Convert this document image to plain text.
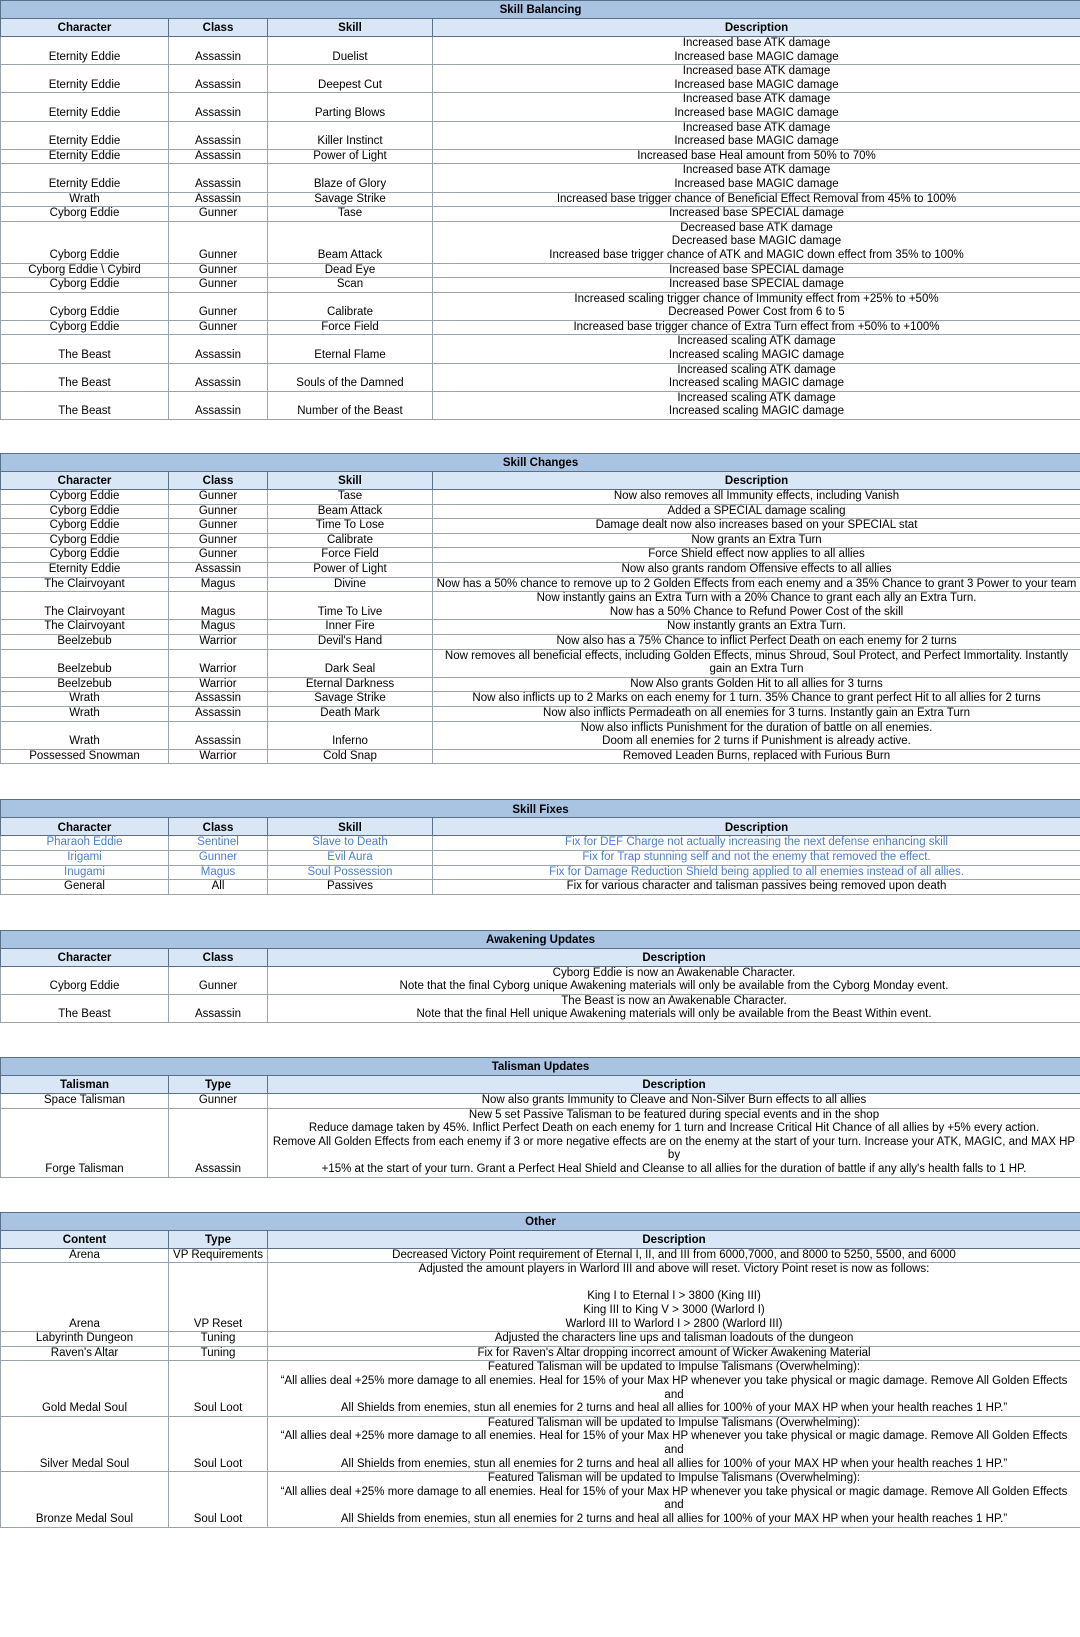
Skill Balancing			
Character	Class	Skill	Description
Eternity Eddie	Assassin	Duelist	Increased base ATK damage
Increased base MAGIC damage

Eternity Eddie	Assassin	Deepest Cut	Increased base ATK damage
Increased base MAGIC damage

Eternity Eddie	Assassin	Parting Blows	Increased base ATK damage
Increased base MAGIC damage

Eternity Eddie	Assassin	Killer Instinct	Increased base ATK damage
Increased base MAGIC damage

Eternity Eddie	Assassin	Power of Light	Increased base Heal amount from 50% to 70%

Eternity Eddie	Assassin	Blaze of Glory	Increased base ATK damage
Increased base MAGIC damage

Wrath	Assassin	Savage Strike	Increased base trigger chance of Beneficial Effect Removal from 45% to 100%

Cyborg Eddie	Gunner	Tase	Increased base SPECIAL damage

Cyborg Eddie	Gunner	Beam Attack	Decreased base ATK damage
Decreased base MAGIC damage
Increased base trigger chance of ATK and MAGIC down effect from 35% to 100%

Cyborg Eddie \ Cybird	Gunner	Dead Eye	Increased base SPECIAL damage

Cyborg Eddie	Gunner	Scan	Increased base SPECIAL damage

Cyborg Eddie	Gunner	Calibrate	Increased scaling trigger chance of Immunity effect from +25% to +50%
Decreased Power Cost from 6 to 5

Cyborg Eddie	Gunner	Force Field	Increased base trigger chance of Extra Turn effect from +50% to +100%

The Beast	Assassin	Eternal Flame	Increased scaling ATK damage
Increased scaling MAGIC damage

The Beast	Assassin	Souls of the Damned	Increased scaling ATK damage
Increased scaling MAGIC damage

The Beast	Assassin	Number of the Beast	Increased scaling ATK damage
Increased scaling MAGIC damage
Skill Changes			
Character	Class	Skill	Description
Cyborg Eddie	Gunner	Tase	Now also removes all Immunity effects, including Vanish

Cyborg Eddie	Gunner	Beam Attack	Added a SPECIAL damage scaling

Cyborg Eddie	Gunner	Time To Lose	Damage dealt now also increases based on your SPECIAL stat

Cyborg Eddie	Gunner	Calibrate	Now grants an Extra Turn

Cyborg Eddie	Gunner	Force Field	Force Shield effect now applies to all allies

Eternity Eddie	Assassin	Power of Light	Now also grants random Offensive effects to all allies

The Clairvoyant	Magus	Divine	Now has a 50% chance to remove up to 2 Golden Effects from each enemy and a 35% Chance to grant 3 Power to your team

The Clairvoyant	Magus	Time To Live	Now instantly gains an Extra Turn with a 20% Chance to grant each ally an Extra Turn.
Now has a 50% Chance to Refund Power Cost of the skill

The Clairvoyant	Magus	Inner Fire	Now instantly grants an Extra Turn.

Beelzebub	Warrior	Devil's Hand	Now also has a 75% Chance to inflict Perfect Death on each enemy for 2 turns

Beelzebub	Warrior	Dark Seal	Now removes all beneficial effects, including Golden Effects, minus Shroud, Soul Protect, and Perfect Immortality. Instantly
gain an Extra Turn

Beelzebub	Warrior	Eternal Darkness	Now Also grants Golden Hit to all allies for 3 turns

Wrath	Assassin	Savage Strike	Now also inflicts up to 2 Marks on each enemy for 1 turn. 35% Chance to grant perfect Hit to all allies for 2 turns

Wrath	Assassin	Death Mark	Now also inflicts Permadeath on all enemies for 3 turns. Instantly gain an Extra Turn

Wrath	Assassin	Inferno	Now also inflicts Punishment for the duration of battle on all enemies.
Doom all enemies for 2 turns if Punishment is already active.

Possessed Snowman	Warrior	Cold Snap	Removed Leaden Burns, replaced with Furious Burn
Skill Fixes			
Character	Class	Skill	Description
Pharaoh Eddie	Sentinel	Slave to Death	Fix for DEF Charge not actually increasing the next defense enhancing skill

Irigami	Gunner	Evil Aura	Fix for Trap stunning self and not the enemy that removed the effect.

Inugami	Magus	Soul Possession	Fix for Damage Reduction Shield being applied to all enemies instead of all allies.

General	All	Passives	Fix for various character and talisman passives being removed upon death
Awakening Updates		
Character	Class	Description
Cyborg Eddie	Gunner	Cyborg Eddie is now an Awakenable Character.
Note that the final Cyborg unique Awakening materials will only be available from the Cyborg Monday event.

The Beast	Assassin	The Beast is now an Awakenable Character.
Note that the final Hell unique Awakening materials will only be available from the Beast Within event.
Talisman Updates		
Talisman	Type	Description
Space Talisman	Gunner	Now also grants Immunity to Cleave and Non-Silver Burn effects to all allies

Forge Talisman	Assassin	New 5 set Passive Talisman to be featured during special events and in the shop
Reduce damage taken by 45%. Inflict Perfect Death on each enemy for 1 turn and Increase Critical Hit Chance of all allies by +5% every action.
Remove All Golden Effects from each enemy if 3 or more negative effects are on the enemy at the start of your turn. Increase your ATK, MAGIC, and MAX HP by
+15% at the start of your turn. Grant a Perfect Heal Shield and Cleanse to all allies for the duration of battle if any ally's health falls to 1 HP.
Other		
Content	Type	Description
Arena	VP Requirements	Decreased Victory Point requirement of Eternal I, II, and III from 6000,7000, and 8000 to 5250, 5500, and 6000

Arena	VP Reset	Adjusted the amount players in Warlord III and above will reset. Victory Point reset is now as follows:

King I to Eternal I > 3800 (King III)
King III to King V > 3000 (Warlord I)
Warlord III to Warlord I > 2800 (Warlord III)

Labyrinth Dungeon	Tuning	Adjusted the characters line ups and talisman loadouts of the dungeon

Raven's Altar	Tuning	Fix for Raven's Altar dropping incorrect amount of Wicker Awakening Material

Gold Medal Soul	Soul Loot	Featured Talisman will be updated to Impulse Talismans (Overwhelming):
“All allies deal +25% more damage to all enemies. Heal for 15% of your Max HP whenever you take physical or magic damage. Remove All Golden Effects and
All Shields from enemies, stun all enemies for 2 turns and heal all allies for 100% of your MAX HP when your health reaches 1 HP.”

Silver Medal Soul	Soul Loot	Featured Talisman will be updated to Impulse Talismans (Overwhelming):
“All allies deal +25% more damage to all enemies. Heal for 15% of your Max HP whenever you take physical or magic damage. Remove All Golden Effects and
All Shields from enemies, stun all enemies for 2 turns and heal all allies for 100% of your MAX HP when your health reaches 1 HP.”

Bronze Medal Soul	Soul Loot	Featured Talisman will be updated to Impulse Talismans (Overwhelming):
“All allies deal +25% more damage to all enemies. Heal for 15% of your Max HP whenever you take physical or magic damage. Remove All Golden Effects and
All Shields from enemies, stun all enemies for 2 turns and heal all allies for 100% of your MAX HP when your health reaches 1 HP.”
